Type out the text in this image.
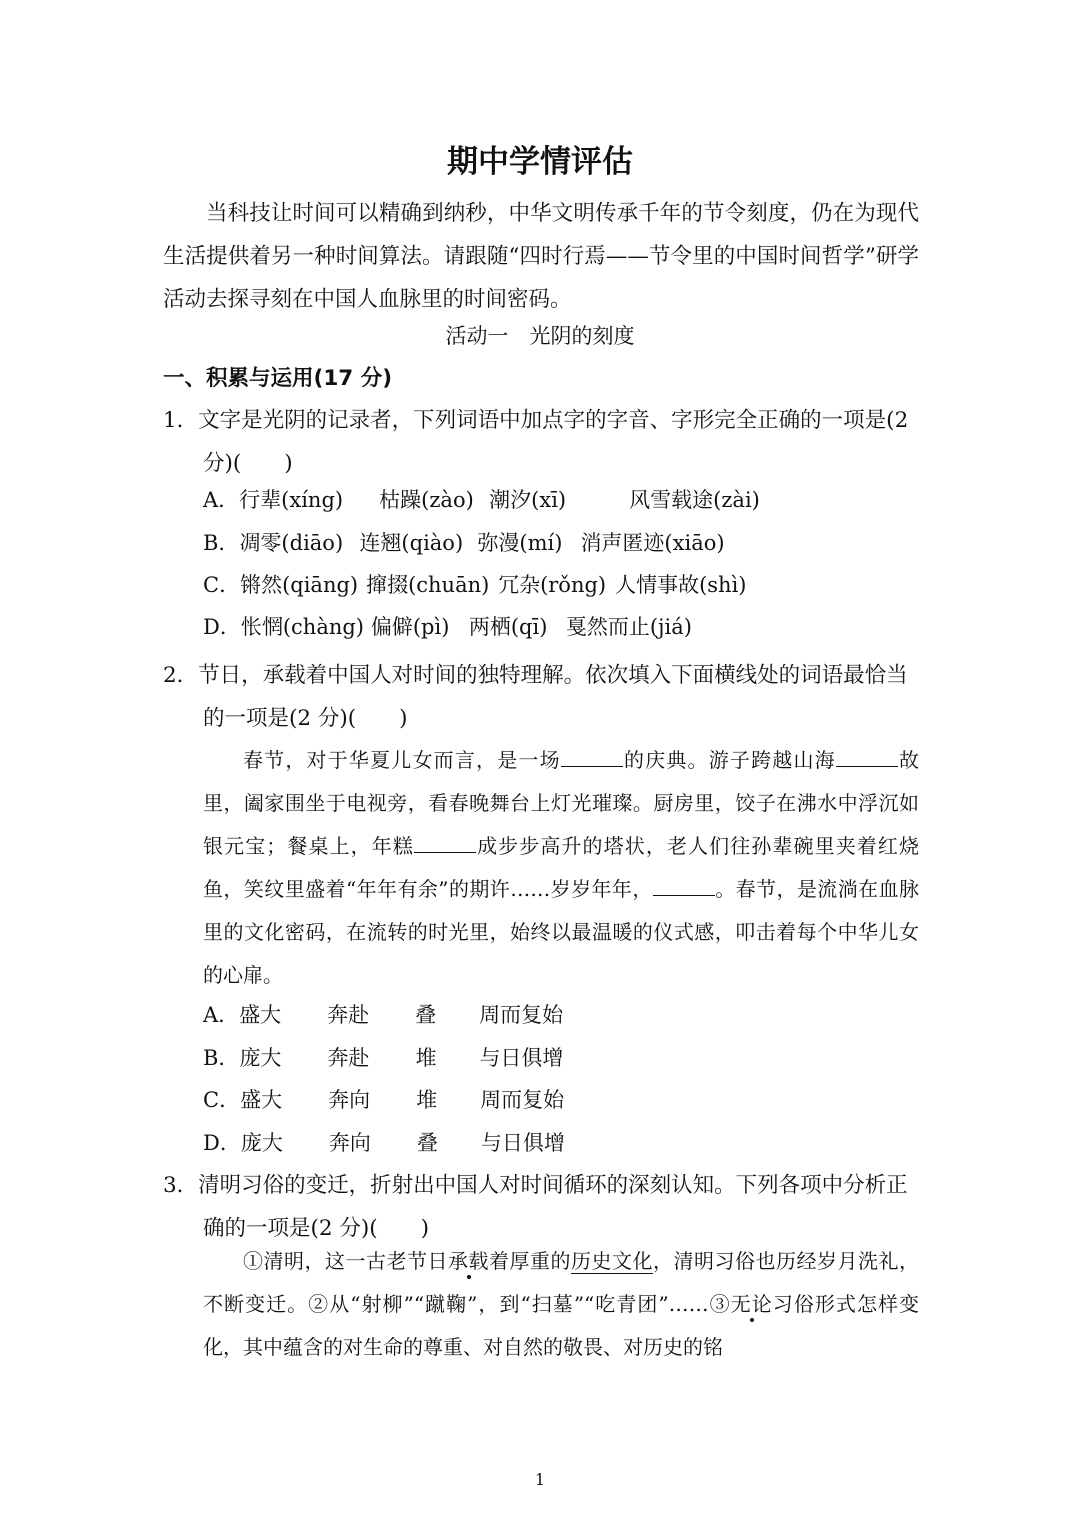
期中学情评估
当科技让时间可以精确到纳秒，中华文明传承千年的节令刻度，仍在为现代生活提供着另一种时间算法。请跟随“四时行焉——节令里的中国时间哲学”研学活动去探寻刻在中国人血脉里的时间密码。
活动一　光阴的刻度
一、积累与运用(17 分)
1．文字是光阴的记录者，下列词语中加点字的字音、字形完全正确的一项是(2
分)(　　)
A．行辈(xíng) 枯躁(zào) 潮汐(xī)	风雪载途(zài)
B．凋零(diāo) 连翘(qiào) 弥漫(mí) 消声匿迹(xiāo)
C．锵然(qiāng) 撺掇(chuān) 冗杂(rǒng) 人情事故(shì)
D．怅惘(chàng) 偏僻(pì) 两栖(qī) 戛然而止(jiá)
2．节日，承载着中国人对时间的独特理解。依次填入下面横线处的词语最恰当
的一项是(2 分)(　　)
春节，对于华夏儿女而言，是一场	的庆典。游子跨越山海	故里，阖家围坐于电视旁，看春晚舞台上灯光璀璨。厨房里，饺子在沸水中浮沉如银元宝；餐桌上，年糕	成步步高升的塔状，老人们往孙辈碗里夹着红烧鱼，笑纹里盛着“年年有余”的期许……岁岁年年，	。春节，是流淌在血脉里的文化密码，在流转的时光里，始终以最温暖的仪式感，叩击着每个中华儿女的心扉。
A．盛大 奔赴 叠 周而复始
B．庞大 奔赴 堆 与日俱增
C．盛大 奔向 堆 周而复始
D．庞大 奔向 叠 与日俱增
3．清明习俗的变迁，折射出中国人对时间循环的深刻认知。下列各项中分析正
确的一项是(2 分)(　　)
①清明，这一古老节日承载着厚重的历史文化，清明习俗也历经岁月洗礼，不断变迁。②从“射柳”“蹴鞠”，到“扫墓”“吃青团”……③无论习俗形式怎样变化，其中蕴含的对生命的尊重、对自然的敬畏、对历史的铭
1
